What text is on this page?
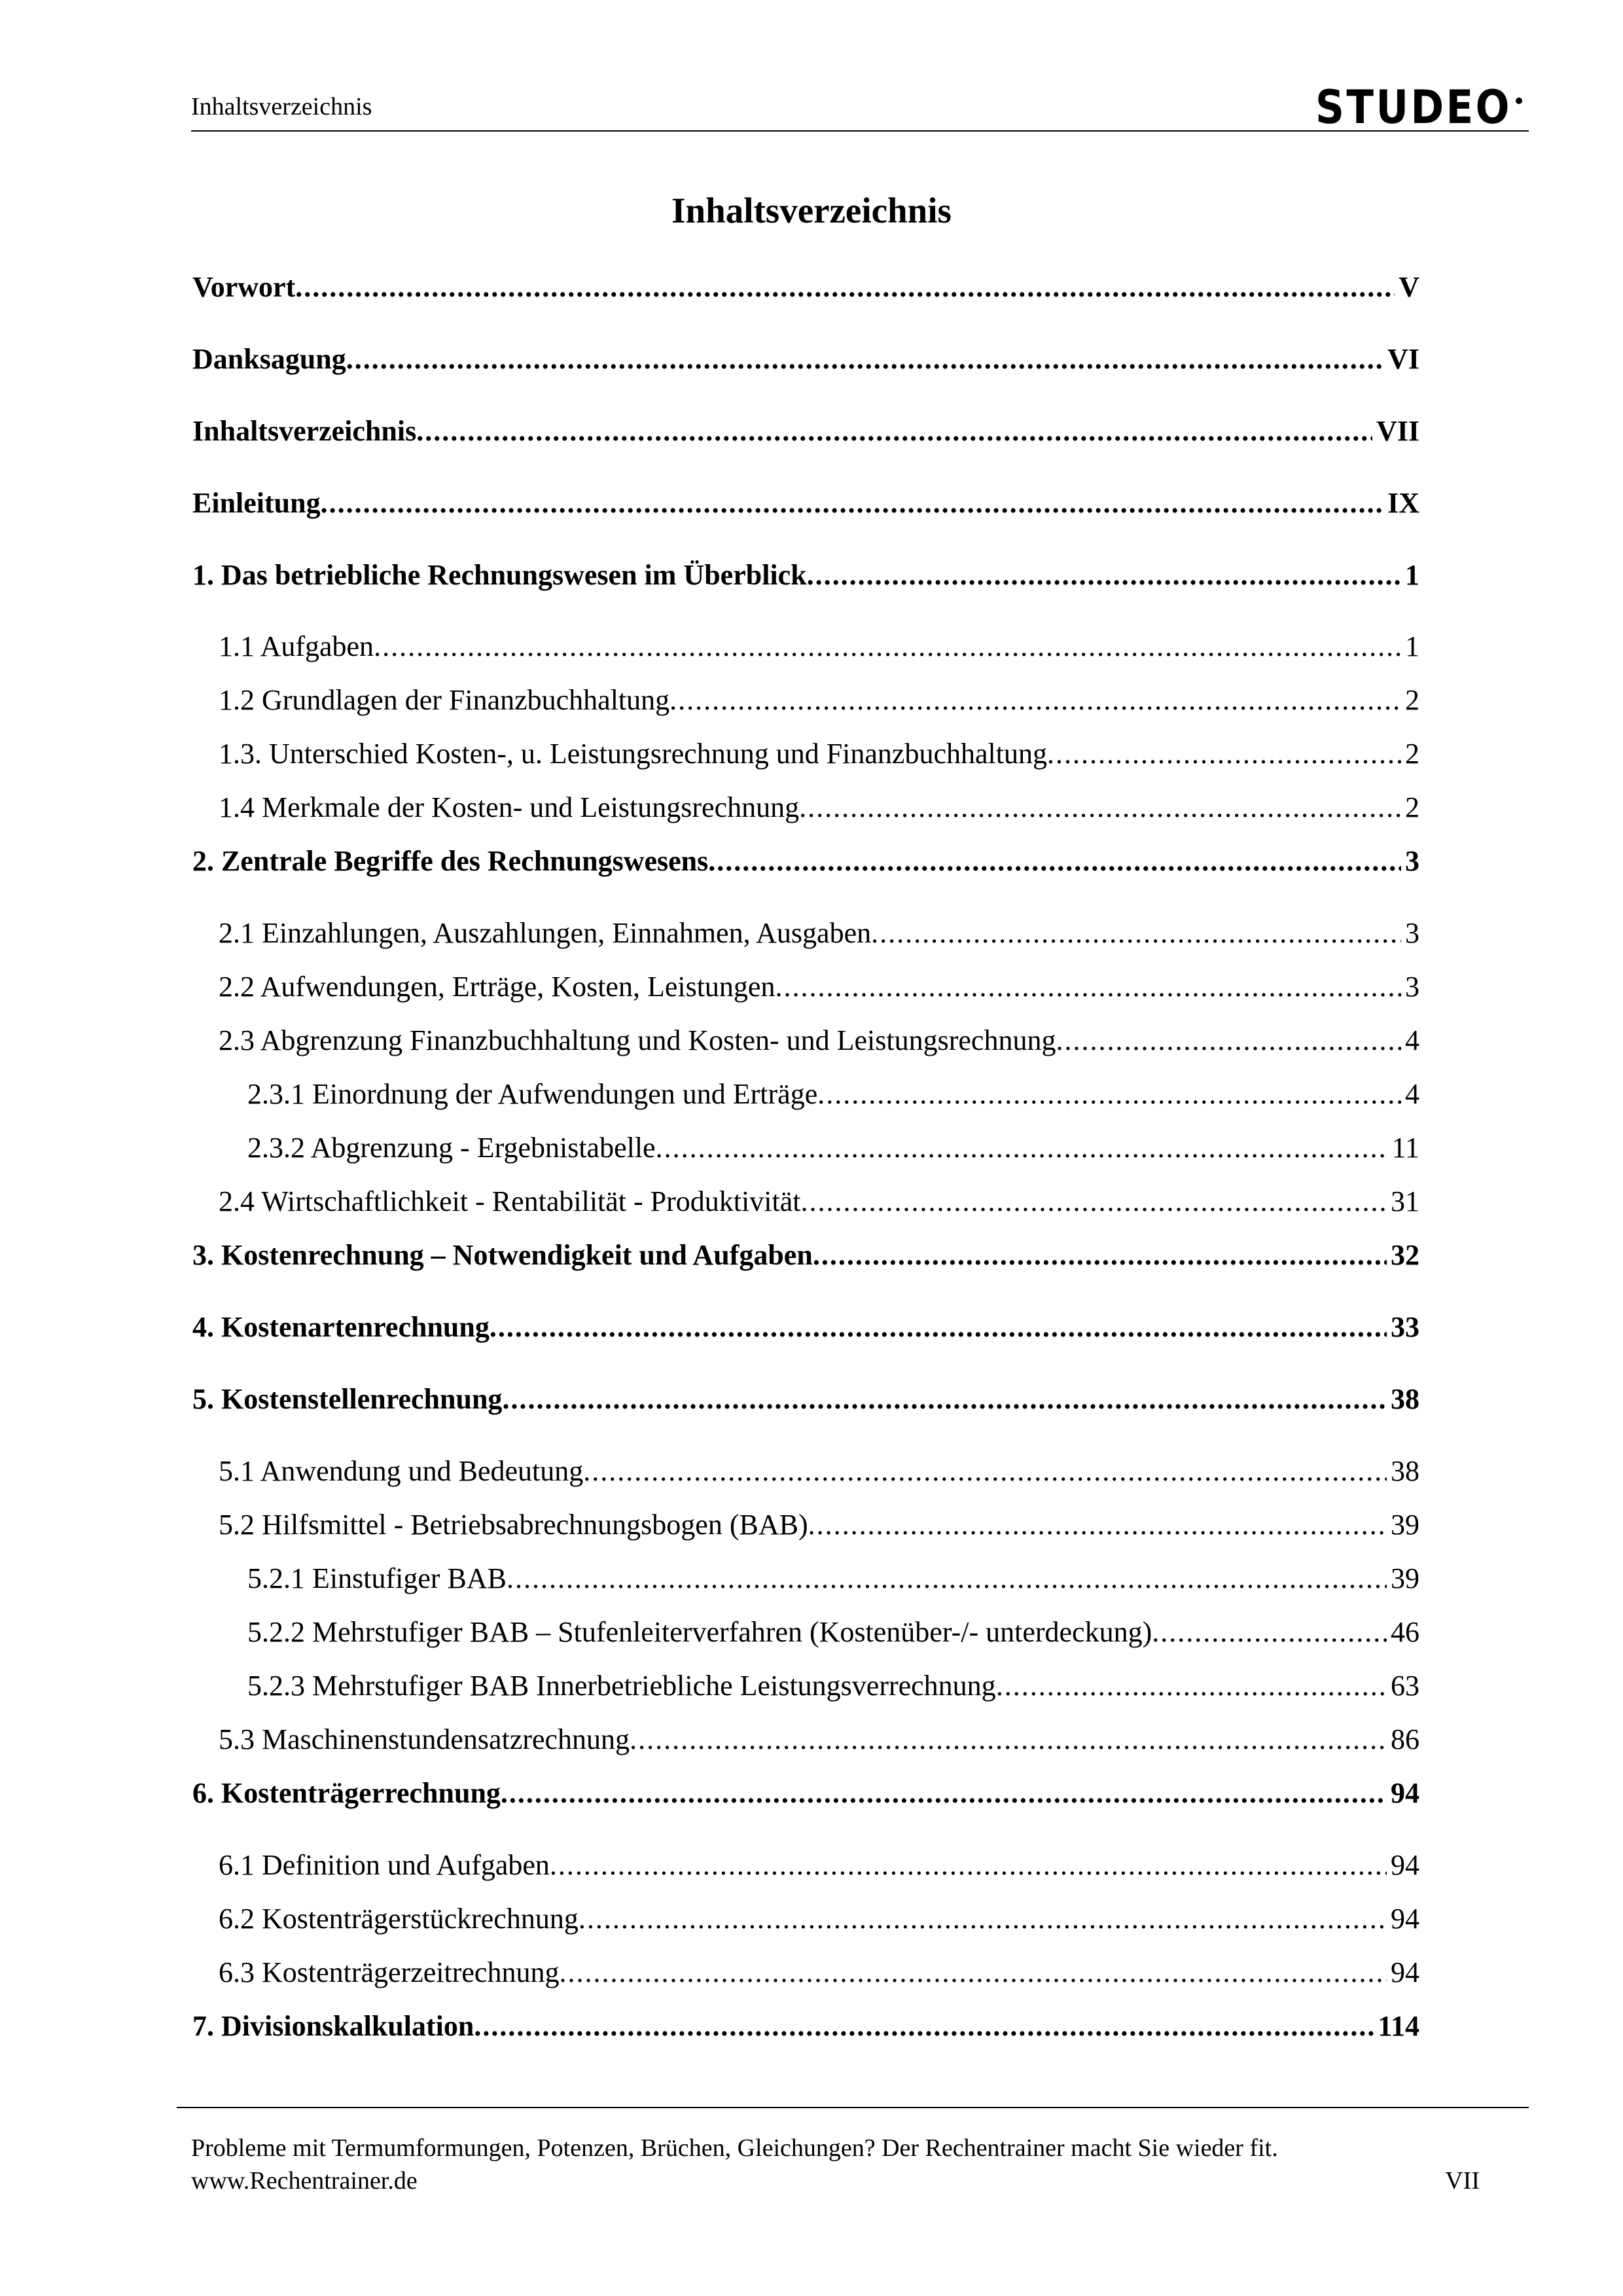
Inhaltsverzeichnis	STUDEO
Inhaltsverzeichnis
Vorwort .....	V
Danksagung .....	VI
Inhaltsverzeichnis .....	VII
Einleitung .....	IX
1. Das betriebliche Rechnungswesen im Überblick .....	1
1.1 Aufgaben .....	1
1.2 Grundlagen der Finanzbuchhaltung .....	2
1.3. Unterschied Kosten-, u. Leistungsrechnung und Finanzbuchhaltung .....	2
1.4 Merkmale der Kosten- und Leistungsrechnung .....	2
2. Zentrale Begriffe des Rechnungswesens .....	3
2.1 Einzahlungen, Auszahlungen, Einnahmen, Ausgaben .....	3
2.2 Aufwendungen, Erträge, Kosten, Leistungen .....	3
2.3 Abgrenzung Finanzbuchhaltung und Kosten- und Leistungsrechnung .....	4
2.3.1 Einordnung der Aufwendungen und Erträge .....	4
2.3.2 Abgrenzung - Ergebnistabelle .....	11
2.4 Wirtschaftlichkeit - Rentabilität - Produktivität .....	31
3. Kostenrechnung – Notwendigkeit und Aufgaben .....	32
4. Kostenartenrechnung .....	33
5. Kostenstellenrechnung .....	38
5.1 Anwendung und Bedeutung .....	38
5.2 Hilfsmittel - Betriebsabrechnungsbogen (BAB) .....	39
5.2.1 Einstufiger BAB .....	39
5.2.2 Mehrstufiger BAB – Stufenleiterverfahren (Kostenüber-/- unterdeckung) .....	46
5.2.3 Mehrstufiger BAB Innerbetriebliche Leistungsverrechnung .....	63
5.3 Maschinenstundensatzrechnung .....	86
6. Kostenträgerrechnung .....	94
6.1 Definition und Aufgaben .....	94
6.2 Kostenträgerstückrechnung .....	94
6.3 Kostenträgerzeitrechnung .....	94
7. Divisionskalkulation .....	114
Probleme mit Termumformungen, Potenzen, Brüchen, Gleichungen? Der Rechentrainer macht Sie wieder fit.
www.Rechentrainer.de	VII
